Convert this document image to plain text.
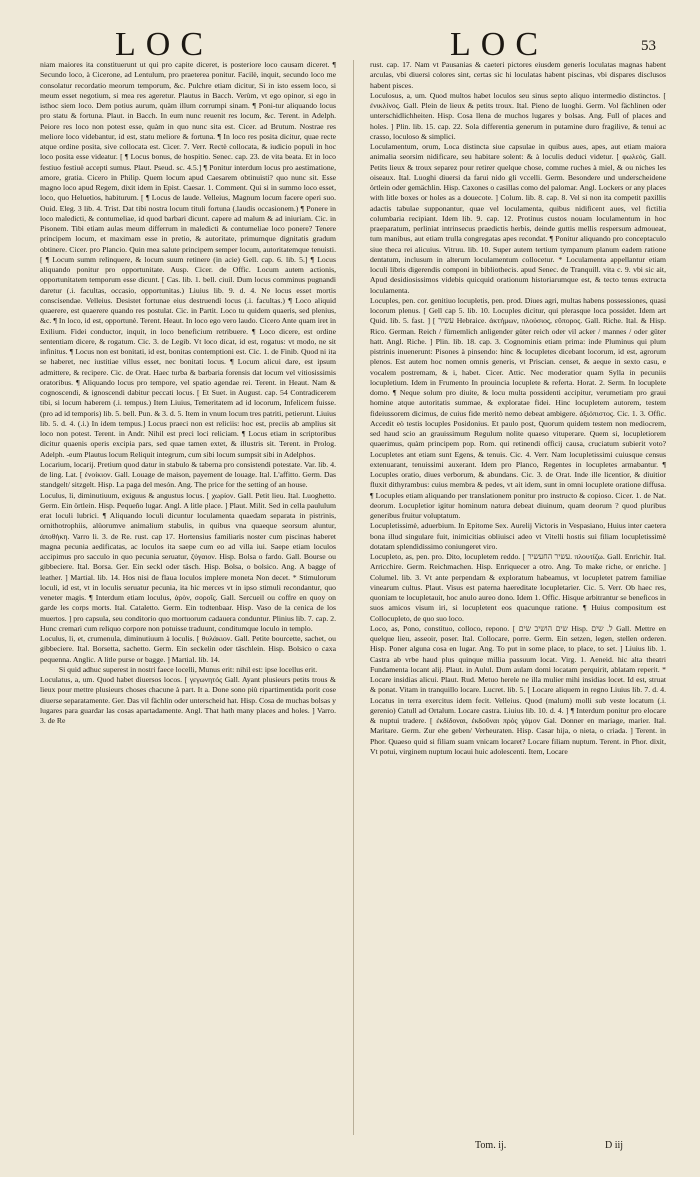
LOC	LOC	53

niam maiores ita constituerunt ut qui pro capite diceret, is posteriore loco causam diceret. ¶ Secundo loco, à Cicerone, ad Lentulum, pro praeterea ponitur. Facilè, inquit, secundo loco me consolatur recordatio meorum temporum, &c. Pulchre etiam dicitur, Si in isto essem loco, si meum esset negotium, si mea res ageretur. Plautus in Bacch. Verùm, vt ego opinor, si ego in isthoc siem loco. Dem potius aurum, quàm illum corrumpi sinam. ¶ Poni-tur aliquando locus pro statu & fortuna. Plaut. in Bacch. In eum nunc reuenit res locum, &c. Terent. in Adelph. Peiore res loco non potest esse, quàm in quo nunc sita est. Cicer. ad Brutum. Nostrae res meliore loco videbantur, id est, statu meliore & fortuna. ¶ In loco res posita dicitur, quae recte atque ordine posita, sive collocata est. Cicer. 7. Verr. Rectè collocata, & iudicio populi in hoc loco posita esse videatur. [ ¶ Locus bonus, de hospitio. Senec. cap. 23. de vita beata. Et in loco festiuo festiuè accepti sumus. Plaut. Pseud. sc. 4.5.] ¶ Ponitur interdum locus pro aestimatione, amore, gratia. Cicero in Philip. Quem locum apud Caesarem obtinuisti? quo nunc sit. Esse magno loco apud Regem, dixit idem in Epist. Caesar. 1. Comment. Qui si in summo loco esset, loco, quo Heluetios, habiturum. [ ¶ Locus de laude. Velleius, Magnum locum facere operi suo. Ouid. Eleg. 3 lib. 4. Trist. Dat tibi nostra locum tituli fortuna (.laudis occasionem.) ¶ Ponere in loco maledicti, & contumeliae, id quod barbari dicunt. capere ad malum & ad iniuriam. Cic. in Pisonem. Tibi etiam aulas meum differrum in maledicti & contumeliae loco ponere? Tenere principem locum, et maximam esse in pretio, & autoritate, primumque dignitatis gradum obtinere. Cicer. pro Plancio. Quin mea salute principem semper locum, autoritatemque tenuisti. [ ¶ Locum summ relinquere, & locum suum retinere (in acie) Gell. cap. 6. lib. 5.] ¶ Locus aliquando ponitur pro opportunitate. Ausp. Cicer. de Offic. Locum autem actionis, opportunitatem temporum esse dicunt. [ Cas. lib. 1. bell. ciuil. Dum locus comminus pugnandi daretur (.i. facultas, occasio, opportunitas.) Liuius lib. 9. d. 4. Ne locus esset mortis conscisendae. Velleius. Desistet fortunae eius destruendi locus (.i. facultas.) ¶ Loco aliquid quaerere, est quaerere quando res postulat. Cic. in Partit. Loco tu quidem quaeris, sed plenius, &c. ¶ In loco, id est, opportunè. Terent. Heaut. In loco ego vero laudo. Cicero Ante quam iret in Exilium. Fidei conductor, inquit, in loco beneficium retribuere. ¶ Loco dicere, est ordine sententiam dicere, & rogatum. Cic. 3. de Legib. Vt loco dicat, id est, rogatus: vt modo, ne sit infinitus. ¶ Locus non est bonitati, id est, bonitas contemptioni est. Cic. 1. de Finib. Quod ni ita se haberet, nec iustitiae villus esset, nec bonitati locus. ¶ Locum alicui dare, est ipsum admittere, & recipere. Cic. de Orat. Haec turba & barbaria forensis dat locum vel vitiosissimis oratoribus. ¶ Aliquando locus pro tempore, vel spatio agendae rei. Terent. in Heaut. Nam & cognoscendi, & ignoscendi dabitur peccati locus. [ Et Suet. in August. cap. 54 Contradicerem tibi, si locum haberem (.i. tempus.) Item Liuius, Temeritatem ad id locorum, Infelicem fuisse. (pro ad id temporis) lib. 5. bell. Pun. & 3. d. 5. Item in vnum locum tres patriti, petierunt. Liuius lib. 5. d. 4. (.i.) In idem tempus.] Locus praeci non est reliciis: hoc est, preciis ab amplius sit loco non potest. Terent. in Andr. Nihil est preci loci reliciam. ¶ Locus etiam in scriptoribus dicitur quaenis operis excipia pars, sed quae tamen extet, & illustris sit. Terent. in Prolog. Adelph. -eum Plautus locum Reliquit integrum, cum sibi locum sumpsit sibi in Adelphos.

Locarium, locarij. Pretium quod datur in stabulo & taberna pro consistendi potestate. Var. lib. 4. de ling. Lat. [ ἐνοίκιον. Gall. Louage de maison, payement de louage. Ital. L'affitto. Germ. Das standgelt/ sitzgelt. Hisp. La paga del mesón. Ang. The price for the setting of an house.

Loculus, li, diminutiuum, exiguus & angustus locus. [ χωρίον. Gall. Petit lieu. Ital. Luoghetto. Germ. Ein örtlein. Hisp. Pequeño lugar. Angl. A litle place. ] Plaut. Milit. Sed in cella paululum erat loculi lubrici. ¶ Aliquando loculi dicuntur loculamenta quaedam separata in pistrinis, ornithotrophiis, alüorumve animalium stabulis, in quibus vna quaeque seorsum aluntur, ἀποθήκη. Varro li. 3. de Re. rust. cap 17. Hortensius familiaris noster cum piscinas haberet magna pecunia aedificatas, ac loculos ita saepe cum eo ad villa iui. Saepe etiam loculos accipimus pro sacculo in quo pecunia seruatur, ζύγαιον. Hisp. Bolsa o fardo. Gall. Bourse ou gibbeciere. Ital. Borsa. Ger. Ein seckl oder täsch. Hisp. Bolsa, o bolsico. Ang. A bagge of leather. ] Martial. lib. 14. Hos nisi de flaua loculos implere moneta Non decet. * Stimulorum loculi, id est, vt in loculis seruatur pecunia, ita hic merces vt in ipso stimuli recondantur, quo veneter magis. ¶ Interdum etiam loculus, ἀρὸν, σοροῖς. Gall. Sercueil ou coffre en quoy on garde les corps morts. Ital. Cataletto. Germ. Ein todtenbaar. Hisp. Vaso de la cenica de los muertos. ] pro capsula, seu conditorio quo mortuorum cadauera conduntur. Plinius lib. 7. cap. 2. Hunc cremari cum reliquo corpore non potuisse traduunt, conditumque loculo in templo.

Loculus, li, et, crumenula, diminutiuum à loculis. [ θυλάκιον. Gall. Petite bourcette, sachet, ou gibbeciere. Ital. Borsetta, sachetto. Germ. Ein seckelin oder täschlein. Hisp. Bolsico o caxa pequenna. Anglic. A litle purse or bagge. ] Martial. lib. 14.

Si quid adhuc superest in nostri faece locelli, Munus erit: nihil est: ipse locellus erit.

Loculatus, a, um. Quod habet diuersos locos. [ γεγωνητός Gall. Ayant plusieurs petits trous & lieux pour mettre plusieurs choses chacune à part. It a. Done sono più ripartimentida porit cose diuerse separatamente. Ger. Das vil fächlin oder unterscheid hat. Hisp. Cosa de muchas bolsas y lugares para guardar las cosas apartadamente. Angl. That hath many places and holes. ] Varro. 3. de Re

rust. cap. 17. Nam vt Pausanias & caeteri pictores eiusdem generis loculatas magnas habent arculas, vbi diuersi colores sint, certas sic hi loculatas habent piscinas, vbi dispares disclusos habent pisces.

Loculosus, a, um. Quod multos habet loculos seu sinus septo aliquo intermedio distinctos. [ ἐνικλίνος. Gall. Plein de lieux & petits troux. Ital. Pieno de luoghi. Germ. Vol fächlinen oder unterschidlichheiten. Hisp. Cosa llena de muchos lugares y bolsas. Ang. Full of places and holes. ] Plin. lib. 15. cap. 22. Sola differentia generum in putamine duro fragilive, & tenui ac crasso, loculoso & simplici.

Loculamentum, orum, Loca distincta siue capsulae in quibus aues, apes, aut etiam maiora animalia seorsim nidificare, seu habitare solent: & à loculis deduci videtur. [ φωλεός. Gall. Petits lieux & troux separez pour retirer quelque chose, comme ruches à miel, & ou niches les oiseaux. Ital. Luoghi diuersi da farui nido gli vccelli. Germ. Besondere und underscheidene örtlein oder gemächlin. Hisp. Caxones o casillas como del palomar. Angl. Lockers or any places with litle boxes or holes as a douecote. ] Colum. lib. 8. cap. 8. Vel si non ita competit paxillis adactis tabulae supponantur, quae vel loculamenta, quibus nidificent aues, vel fictilia columbaria recipiant. Idem lib. 9. cap. 12. Protinus custos nouam loculamentum in hoc praeparatum, perliniat intrinsecus praedictis herbis, deinde guttis mellis respersum admoueat, tum manibus, aut etiam trulla congregatas apes recondat. ¶ Ponitur aliquando pro conceptaculo siue theca rei alicuius. Vitruu. lib. 10. Super autem tertium tympanum planum eadem ratione dentatum, inclusum in alterum loculamentum collocetur. * Loculamenta appellantur etiam loculi libris digerendis componi in bibliothecis. apud Senec. de Tranquill. vita c. 9. vbi sic ait, Apud desidiosissimos videbis quicquid orationum historiarumque est, & tecto tenus extructa loculamenta.

Locuples, pen. cor. genitiuo locupletis, pen. prod. Diues agri, multas habens possessiones, quasi locorum plenus. [ Gell cap 5. lib. 10. Locuples dicitur, qui plerasque loca possidet. Idem art Quid. lib. 5. fast. ] [ עשיר Hebraice. ἀκτήμων, πλούσιος, εὔπορος. Gall. Riche. Ital. & Hisp. Rico. German. Reich / fürnemlich anligender güter reich oder vil acker / mannes / oder güter hatt. Angl. Riche. ] Plin. lib. 18. cap. 3. Cognominis etiam prima: inde Pluminus qui plum pistrinis inuenerunt: Pisones à pinsendo: hinc & locupletes dicebant locorum, id est, agrorum plenos. Est autem hoc nomen omnis generis, vt Priscian. censet, & aeque in sexto casu, e vocalem postremam, & i, habet. Cicer. Attic. Nec moderatior quam Sylla in pecuniis locupletium. Idem in Frumento In prouincia locuplete & referta. Horat. 2. Serm. In locuplete domo. ¶ Neque solum pro diuite, & locu multa possidenti accipitur, verumetiam pro graui homine atque autoritatis summae, & exploratae fidei. Hinc locupletem autorem, testem fideiussorem dicimus, de cuius fide meritò nemo debeat ambigere. ἀξιόπιστος. Cic. 1. 3. Offic. Accedit eò testis locuples Posidonius. Et paulo post, Quorum quidem testem non mediocrem, sed haud scio an grauissimum Regulum nolite quaeso vituperare. Quem si, locupletiorem quaerimus, quàm principem pop. Rom. qui retinendi officij causa, cruciatum subierit voto? Locupletes ant etiam sunt Egens, & tenuis. Cic. 4. Verr. Nam locupletissimi cuiusque census extenuarant, tenuissimi auxerant. Idem pro Planco, Regentes in locupletes armabantur. ¶ Locuples oratio, diues verborum, & abundans. Cic. 3. de Orat. Inde ille licentior, & diuitior fluxit dithyrambus: cuius membra & pedes, vt ait idem, sunt in omni locuplete oratione diffusa. ¶ Locuples etiam aliquando per translationem ponitur pro instructo & copioso. Cicer. 1. de Nat. deorum. Locupletior igitur hominum natura debeat diuinum, quam deorum ? quod pluribus generibus fruitur voluptatum.

Locupletissimè, aduerbium. In Epitome Sex. Aurelij Victoris in Vespasiano, Huius inter caetera bona illud singulare fuit, inimicitias obliuisci adeo vt Vitelli hostis sui filiam locupletissimè dotatam splendidissimo coniungeret viro.

Locupleto, as, pen. pro. Dito, locupletem reddo. [ עשיר החעשיר. πλουτίζω. Gall. Enrichir. Ital. Arricchire. Germ. Reichmachen. Hisp. Enriquecer a otro. Ang. To make riche, or enriche. ] Columel. lib. 3. Vt ante perpendam & exploratum habeamus, vt locupletet patrem familiae vinearum cultus. Plaut. Visus est paterna haereditate locupletarier. Cic. 5. Verr. Ob haec res, quoniam te locupletauit, hoc anulo aureo dono. Idem 1. Offic. Hisque arbitrantur se beneficos in suos amicos visum iri, si locupletent eos quacunque ratione. ¶ Huius compositum est Collocupleto, de quo suo loco.

Loco, as, Pono, constituo, colloco, repono. [ שים הושיב שים Hisp. ל. שים Gall. Mettre en quelque lieu, asseoir, poser. Ital. Collocare, porre. Germ. Ein setzen, legen, stellen orderen. Hisp. Poner alguna cosa en lugar. Ang. To put in some place, to place, to set. ] Liuius lib. 1. Castra ab vrbe haud plus quinque millia passuum locat. Virg. 1. Aeneid. hic alta theatri Fundamenta locant alij. Plaut. in Aulul. Dum aulam domi locatam perquirit, ablatam reperit. * Locare insidias alicui. Plaut. Rud. Metuo herele ne illa mulier mihi insidias locet. Id est, struat & ponat. Vitam in tranquillo locare. Lucret. lib. 5. [ Locare aliquem in regno Liuius lib. 7. d. 4. Locatus in terra exercitus idem fecit. Velleius. Quod (malum) molli sub veste locatum (.i. gerenio) Catull ad Ortalum. Locare castra. Liuius lib. 10. d. 4. ] ¶ Interdum ponitur pro elocare & nuptui tradere. [ ἐκδίδοναι, ἐκδοῦναι πρὸς γάμον Gal. Donner en mariage, marier. Ital. Maritare. Germ. Zur ehe geben/ Verheuraten. Hisp. Casar hija, o nieta, o criada. ] Terent. in Phor. Quaeso quid si filiam suam vnicam locaret? Locare filiam nuptum. Terent. in Phor. dixit, Vt potui, virginem nuptum locaui huic adolescenti. Item, Locare

Tom. ij.	D iij
